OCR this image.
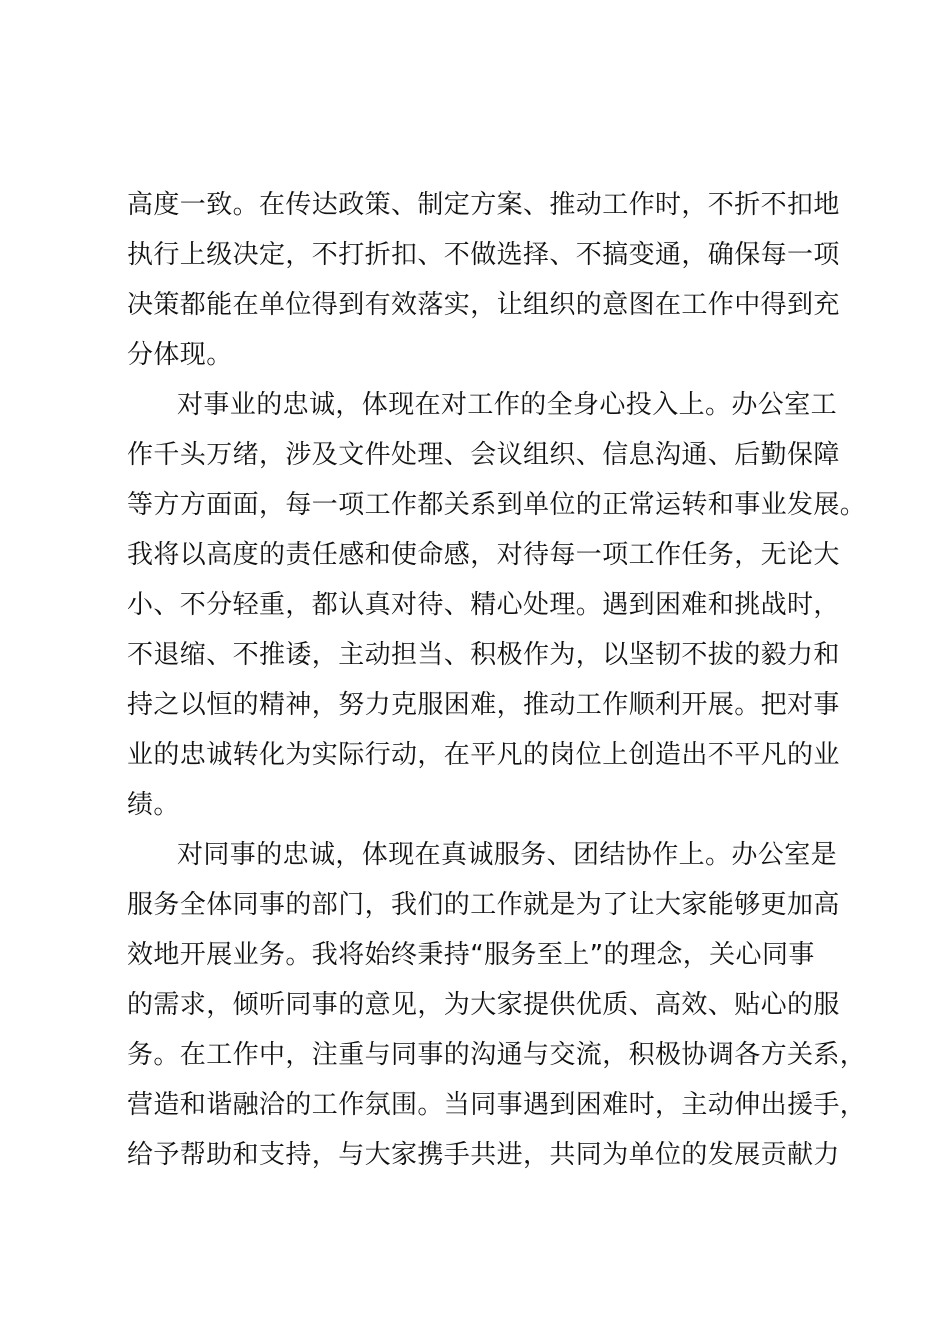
高度一致。在传达政策、制定方案、推动工作时，不折不扣地
执行上级决定，不打折扣、不做选择、不搞变通，确保每一项
决策都能在单位得到有效落实，让组织的意图在工作中得到充
分体现。
对事业的忠诚，体现在对工作的全身心投入上。办公室工
作千头万绪，涉及文件处理、会议组织、信息沟通、后勤保障
等方方面面，每一项工作都关系到单位的正常运转和事业发展。
我将以高度的责任感和使命感，对待每一项工作任务，无论大
小、不分轻重，都认真对待、精心处理。遇到困难和挑战时，
不退缩、不推诿，主动担当、积极作为，以坚韧不拔的毅力和
持之以恒的精神，努力克服困难，推动工作顺利开展。把对事
业的忠诚转化为实际行动，在平凡的岗位上创造出不平凡的业
绩。
对同事的忠诚，体现在真诚服务、团结协作上。办公室是
服务全体同事的部门，我们的工作就是为了让大家能够更加高
效地开展业务。我将始终秉持“服务至上”的理念，关心同事
的需求，倾听同事的意见，为大家提供优质、高效、贴心的服
务。在工作中，注重与同事的沟通与交流，积极协调各方关系，
营造和谐融洽的工作氛围。当同事遇到困难时，主动伸出援手，
给予帮助和支持，与大家携手共进，共同为单位的发展贡献力
